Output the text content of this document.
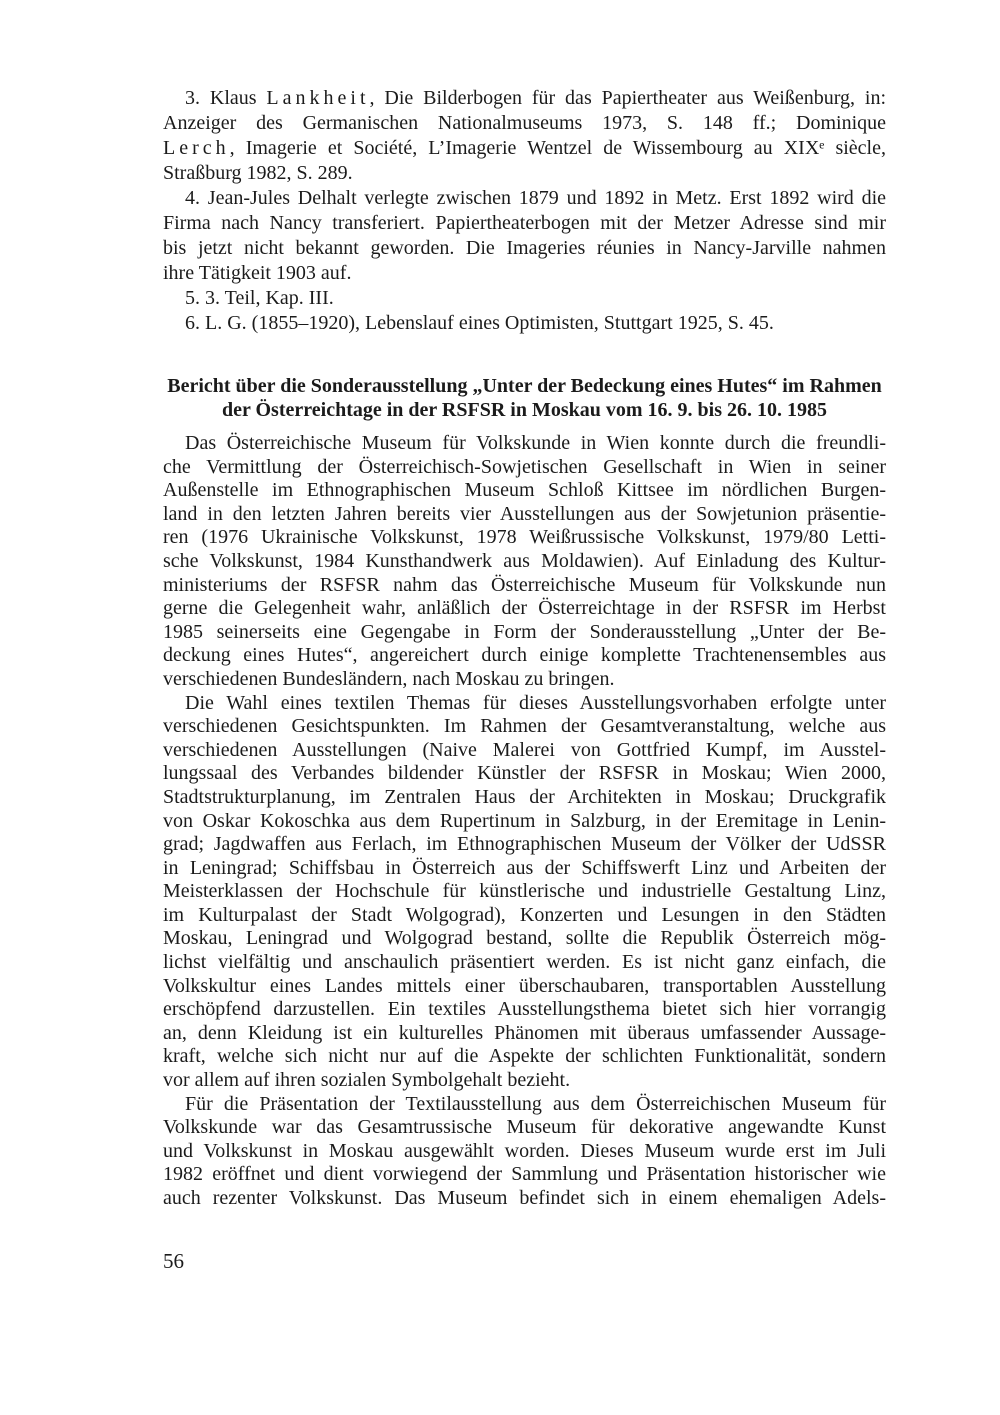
3. Klaus L a n k h e i t , Die Bilderbogen für das Papiertheater aus Weißenburg, in:
Anzeiger des Germanischen Nationalmuseums 1973, S. 148 ff.; Dominique
L e r c h , Imagerie et Société, L’Imagerie Wentzel de Wissembourg au XIXᵉ siècle,
Straßburg 1982, S. 289.
4. Jean-Jules Delhalt verlegte zwischen 1879 und 1892 in Metz. Erst 1892 wird die
Firma nach Nancy transferiert. Papiertheaterbogen mit der Metzer Adresse sind mir
bis jetzt nicht bekannt geworden. Die Imageries réunies in Nancy-Jarville nahmen
ihre Tätigkeit 1903 auf.
5. 3. Teil, Kap. III.
6. L. G. (1855–1920), Lebenslauf eines Optimisten, Stuttgart 1925, S. 45.
Bericht über die Sonderausstellung „Unter der Bedeckung eines Hutes“ im Rahmen
der Österreichtage in der RSFSR in Moskau vom 16. 9. bis 26. 10. 1985
Das Österreichische Museum für Volkskunde in Wien konnte durch die freundli-
che Vermittlung der Österreichisch-Sowjetischen Gesellschaft in Wien in seiner
Außenstelle im Ethnographischen Museum Schloß Kittsee im nördlichen Burgen-
land in den letzten Jahren bereits vier Ausstellungen aus der Sowjetunion präsentie-
ren (1976 Ukrainische Volkskunst, 1978 Weißrussische Volkskunst, 1979/80 Letti-
sche Volkskunst, 1984 Kunsthandwerk aus Moldawien). Auf Einladung des Kultur-
ministeriums der RSFSR nahm das Österreichische Museum für Volkskunde nun
gerne die Gelegenheit wahr, anläßlich der Österreichtage in der RSFSR im Herbst
1985 seinerseits eine Gegengabe in Form der Sonderausstellung „Unter der Be-
deckung eines Hutes“, angereichert durch einige komplette Trachtenensembles aus
verschiedenen Bundesländern, nach Moskau zu bringen.
Die Wahl eines textilen Themas für dieses Ausstellungsvorhaben erfolgte unter
verschiedenen Gesichtspunkten. Im Rahmen der Gesamtveranstaltung, welche aus
verschiedenen Ausstellungen (Naive Malerei von Gottfried Kumpf, im Ausstel-
lungssaal des Verbandes bildender Künstler der RSFSR in Moskau; Wien 2000,
Stadtstrukturplanung, im Zentralen Haus der Architekten in Moskau; Druckgrafik
von Oskar Kokoschka aus dem Rupertinum in Salzburg, in der Eremitage in Lenin-
grad; Jagdwaffen aus Ferlach, im Ethnographischen Museum der Völker der UdSSR
in Leningrad; Schiffsbau in Österreich aus der Schiffswerft Linz und Arbeiten der
Meisterklassen der Hochschule für künstlerische und industrielle Gestaltung Linz,
im Kulturpalast der Stadt Wolgograd), Konzerten und Lesungen in den Städten
Moskau, Leningrad und Wolgograd bestand, sollte die Republik Österreich mög-
lichst vielfältig und anschaulich präsentiert werden. Es ist nicht ganz einfach, die
Volkskultur eines Landes mittels einer überschaubaren, transportablen Ausstellung
erschöpfend darzustellen. Ein textiles Ausstellungsthema bietet sich hier vorrangig
an, denn Kleidung ist ein kulturelles Phänomen mit überaus umfassender Aussage-
kraft, welche sich nicht nur auf die Aspekte der schlichten Funktionalität, sondern
vor allem auf ihren sozialen Symbolgehalt bezieht.
Für die Präsentation der Textilausstellung aus dem Österreichischen Museum für
Volkskunde war das Gesamtrussische Museum für dekorative angewandte Kunst
und Volkskunst in Moskau ausgewählt worden. Dieses Museum wurde erst im Juli
1982 eröffnet und dient vorwiegend der Sammlung und Präsentation historischer wie
auch rezenter Volkskunst. Das Museum befindet sich in einem ehemaligen Adels-
56
